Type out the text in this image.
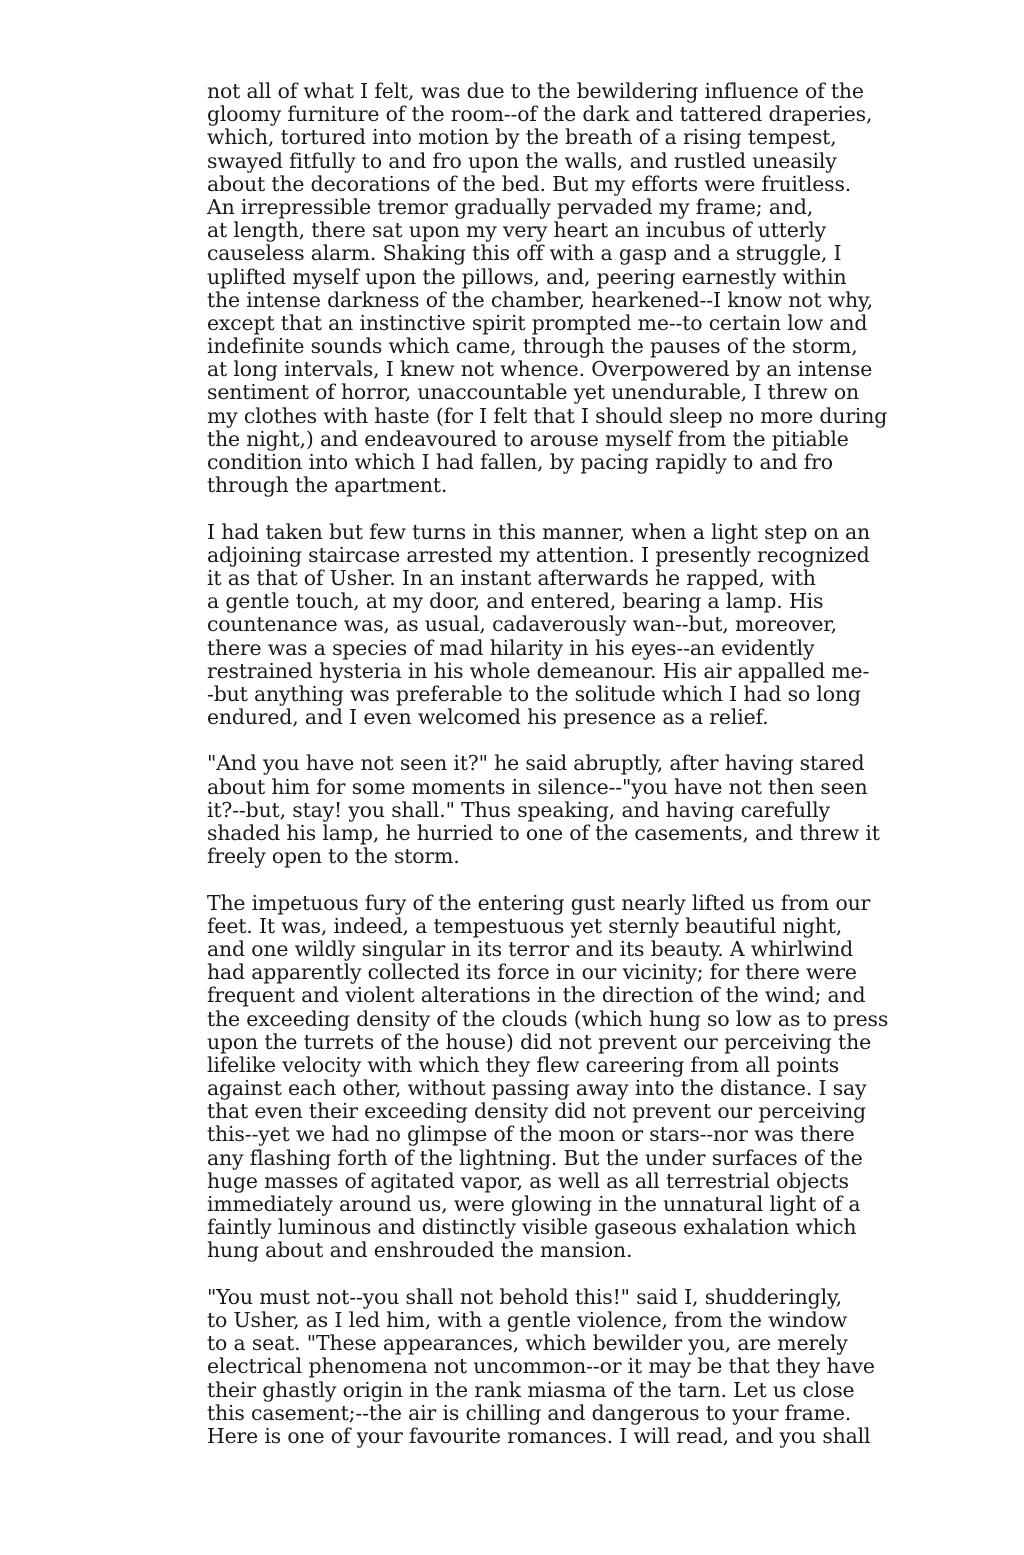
not all of what I felt, was due to the bewildering influence of the
gloomy furniture of the room--of the dark and tattered draperies,
which, tortured into motion by the breath of a rising tempest,
swayed fitfully to and fro upon the walls, and rustled uneasily
about the decorations of the bed. But my efforts were fruitless.
An irrepressible tremor gradually pervaded my frame; and,
at length, there sat upon my very heart an incubus of utterly
causeless alarm. Shaking this off with a gasp and a struggle, I
uplifted myself upon the pillows, and, peering earnestly within
the intense darkness of the chamber, hearkened--I know not why,
except that an instinctive spirit prompted me--to certain low and
indefinite sounds which came, through the pauses of the storm,
at long intervals, I knew not whence. Overpowered by an intense
sentiment of horror, unaccountable yet unendurable, I threw on
my clothes with haste (for I felt that I should sleep no more during
the night,) and endeavoured to arouse myself from the pitiable
condition into which I had fallen, by pacing rapidly to and fro
through the apartment.
I had taken but few turns in this manner, when a light step on an
adjoining staircase arrested my attention. I presently recognized
it as that of Usher. In an instant afterwards he rapped, with
a gentle touch, at my door, and entered, bearing a lamp. His
countenance was, as usual, cadaverously wan--but, moreover,
there was a species of mad hilarity in his eyes--an evidently
restrained hysteria in his whole demeanour. His air appalled me-
-but anything was preferable to the solitude which I had so long
endured, and I even welcomed his presence as a relief.
"And you have not seen it?" he said abruptly, after having stared
about him for some moments in silence--"you have not then seen
it?--but, stay! you shall." Thus speaking, and having carefully
shaded his lamp, he hurried to one of the casements, and threw it
freely open to the storm.
The impetuous fury of the entering gust nearly lifted us from our
feet. It was, indeed, a tempestuous yet sternly beautiful night,
and one wildly singular in its terror and its beauty. A whirlwind
had apparently collected its force in our vicinity; for there were
frequent and violent alterations in the direction of the wind; and
the exceeding density of the clouds (which hung so low as to press
upon the turrets of the house) did not prevent our perceiving the
lifelike velocity with which they flew careering from all points
against each other, without passing away into the distance. I say
that even their exceeding density did not prevent our perceiving
this--yet we had no glimpse of the moon or stars--nor was there
any flashing forth of the lightning. But the under surfaces of the
huge masses of agitated vapor, as well as all terrestrial objects
immediately around us, were glowing in the unnatural light of a
faintly luminous and distinctly visible gaseous exhalation which
hung about and enshrouded the mansion.
"You must not--you shall not behold this!" said I, shudderingly,
to Usher, as I led him, with a gentle violence, from the window
to a seat. "These appearances, which bewilder you, are merely
electrical phenomena not uncommon--or it may be that they have
their ghastly origin in the rank miasma of the tarn. Let us close
this casement;--the air is chilling and dangerous to your frame.
Here is one of your favourite romances. I will read, and you shall
